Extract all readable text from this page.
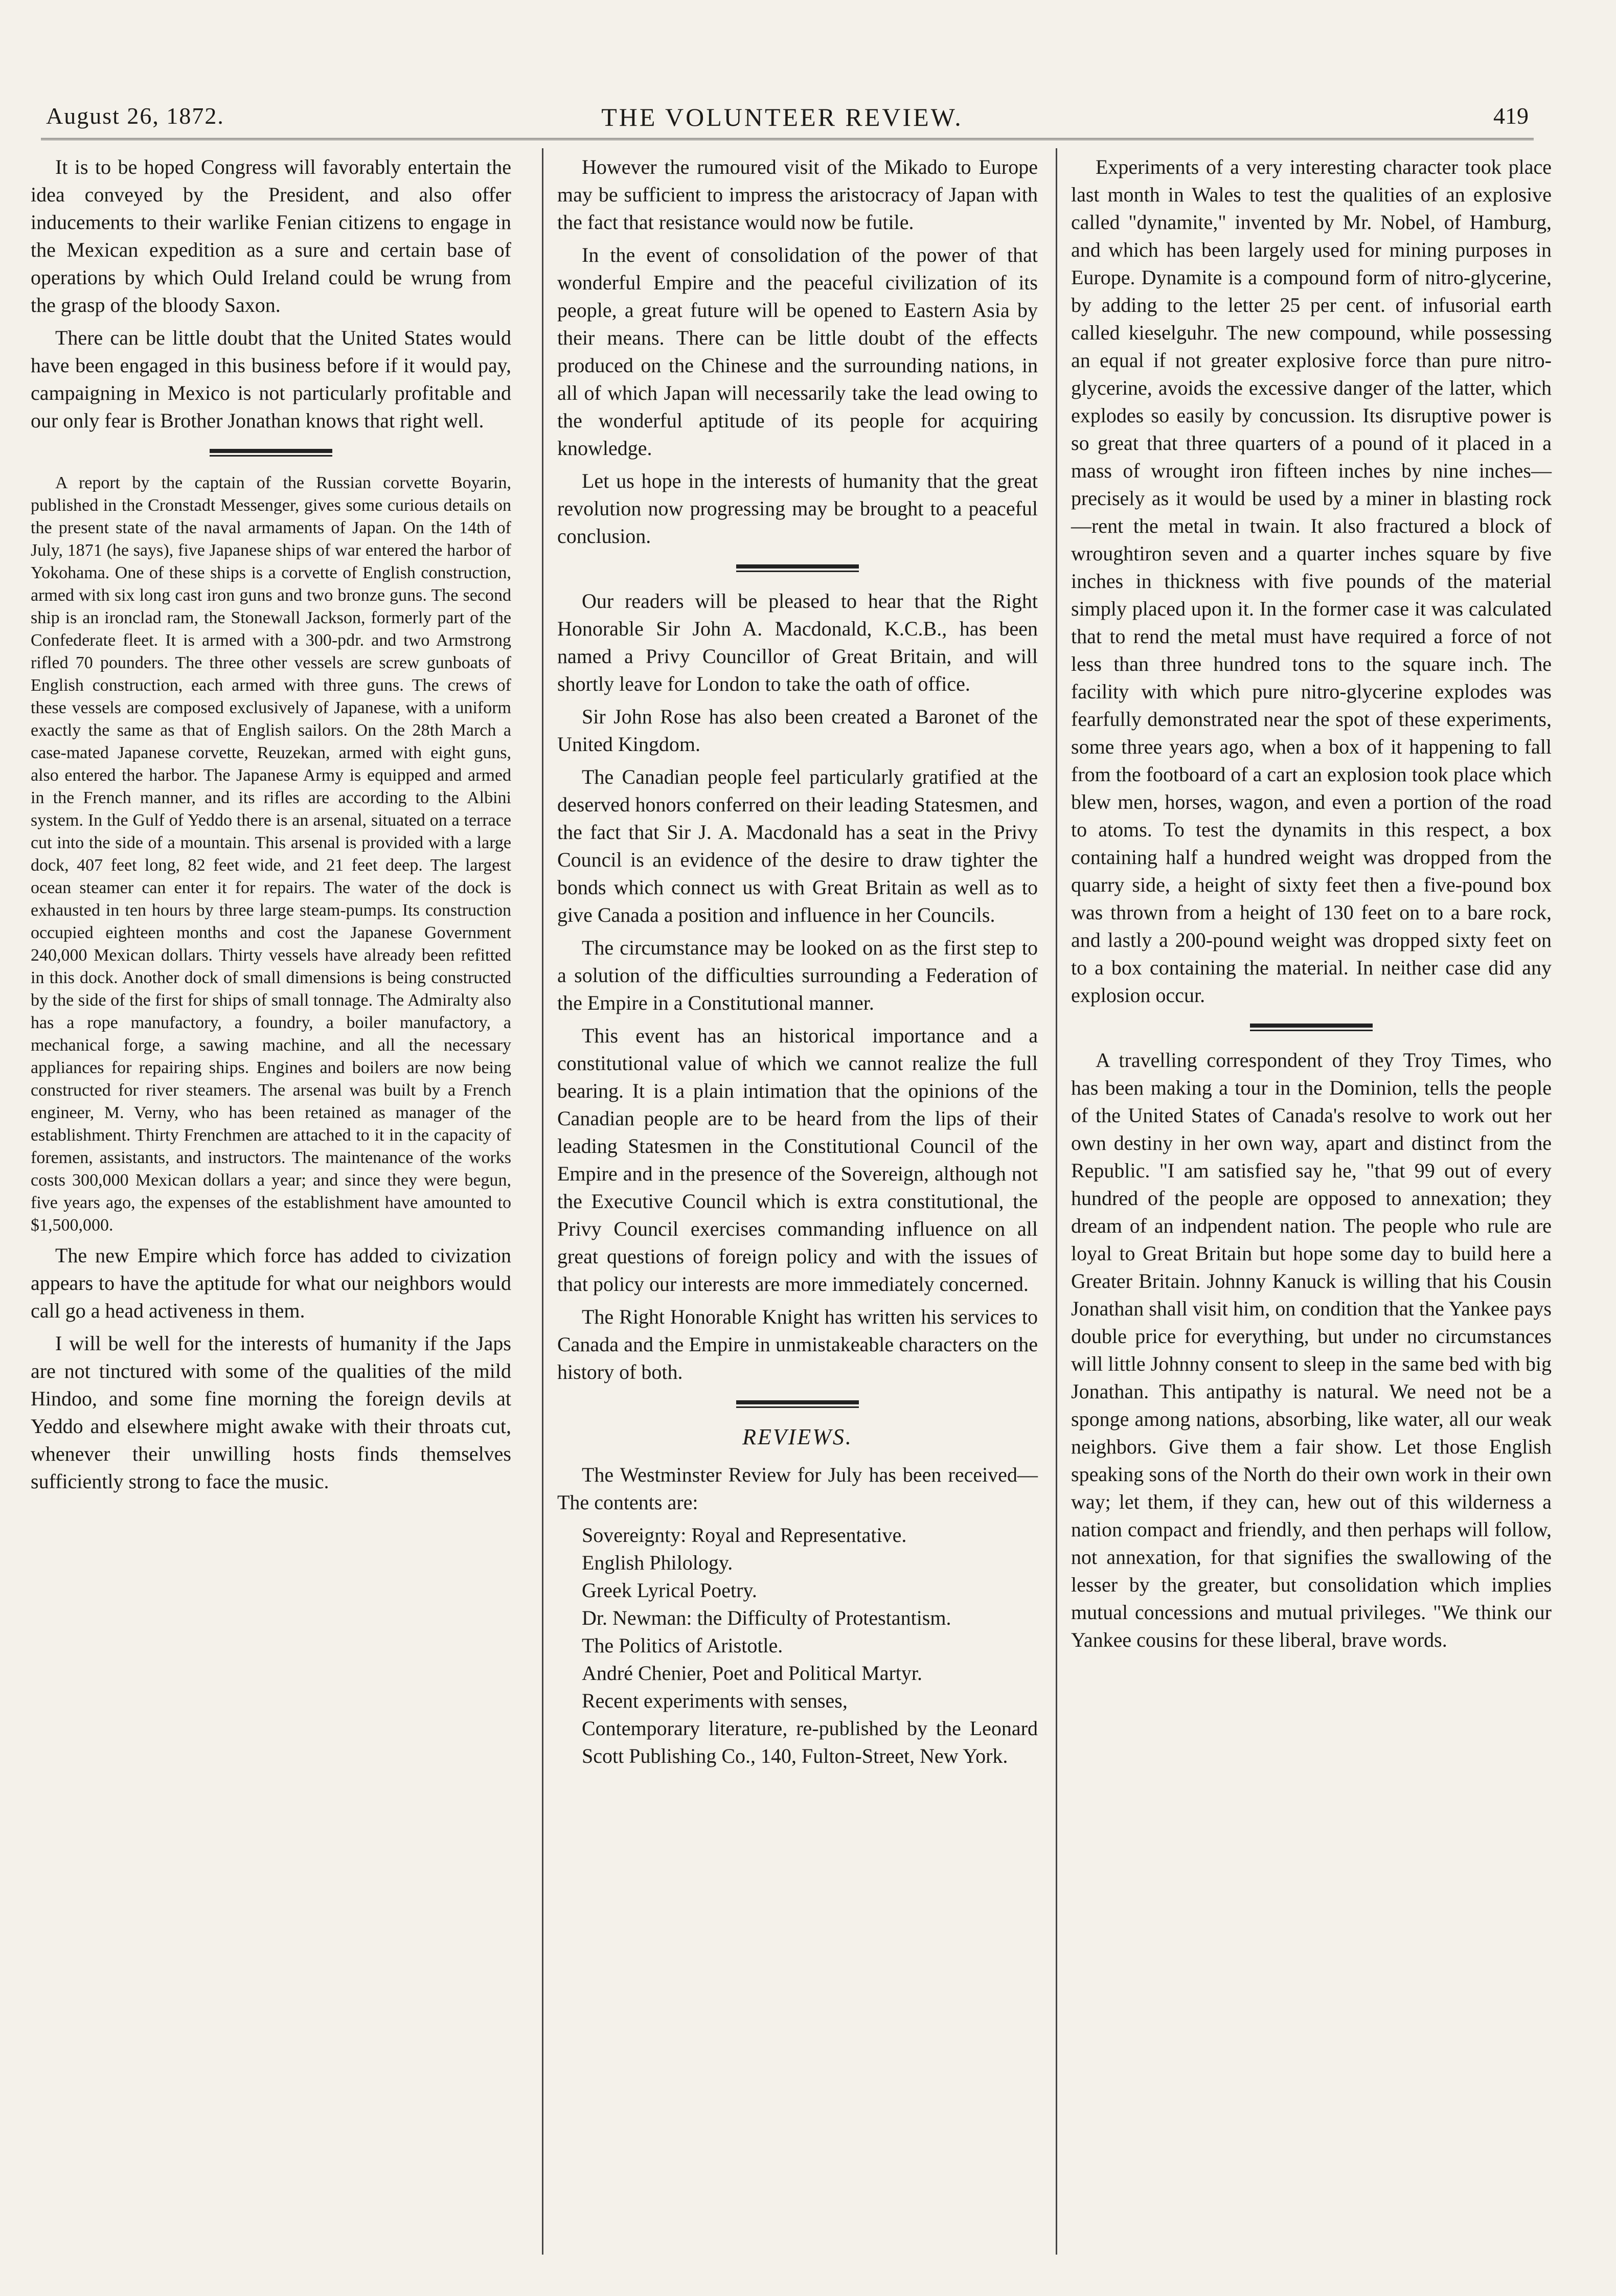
THE VOLUNTEER REVIEW.
August 26, 1872.	419

It is to be hoped Congress will favorably entertain the idea conveyed by the President, and also offer inducements to their warlike Fenian citizens to engage in the Mexican expedition as a sure and certain base of operations by which Ould Ireland could be wrung from the grasp of the bloody Saxon.

There can be little doubt that the United States would have been engaged in this business before if it would pay, campaigning in Mexico is not particularly profitable and our only fear is Brother Jonathan knows that right well.

A report by the captain of the Russian corvette Boyarin, published in the Cronstadt Messenger, gives some curious details on the present state of the naval armaments of Japan. On the 14th of July, 1871 (he says), five Japanese ships of war entered the harbor of Yokohama. One of these ships is a corvette of English construction, armed with six long cast iron guns and two bronze guns. The second ship is an ironclad ram, the Stonewall Jackson, formerly part of the Confederate fleet. It is armed with a 300-pdr. and two Armstrong rifled 70 pounders. The three other vessels are screw gunboats of English construction, each armed with three guns. The crews of these vessels are composed exclusively of Japanese, with a uniform exactly the same as that of English sailors. On the 28th March a case-mated Japanese corvette, Reuzekan, armed with eight guns, also entered the harbor. The Japanese Army is equipped and armed in the French manner, and its rifles are according to the Albini system. In the Gulf of Yeddo there is an arsenal, situated on a terrace cut into the side of a mountain. This arsenal is provided with a large dock, 407 feet long, 82 feet wide, and 21 feet deep. The largest ocean steamer can enter it for repairs. The water of the dock is exhausted in ten hours by three large steam-pumps. Its construction occupied eighteen months and cost the Japanese Government 240,000 Mexican dollars. Thirty vessels have already been refitted in this dock. Another dock of small dimensions is being constructed by the side of the first for ships of small tonnage. The Admiralty also has a rope manufactory, a foundry, a boiler manufactory, a mechanical forge, a sawing machine, and all the necessary appliances for repairing ships. Engines and boilers are now being constructed for river steamers. The arsenal was built by a French engineer, M. Verny, who has been retained as manager of the establishment. Thirty Frenchmen are attached to it in the capacity of foremen, assistants, and instructors. The maintenance of the works costs 300,000 Mexican dollars a year; and since they were begun, five years ago, the expenses of the establishment have amounted to $1,500,000.

The new Empire which force has added to civization appears to have the aptitude for what our neighbors would call go a head activeness in them.

I will be well for the interests of humanity if the Japs are not tinctured with some of the qualities of the mild Hindoo, and some fine morning the foreign devils at Yeddo and elsewhere might awake with their throats cut, whenever their unwilling hosts finds themselves sufficiently strong to face the music.

However the rumoured visit of the Mikado to Europe may be sufficient to impress the aristocracy of Japan with the fact that resistance would now be futile.

In the event of consolidation of the power of that wonderful Empire and the peaceful civilization of its people, a great future will be opened to Eastern Asia by their means. There can be little doubt of the effects produced on the Chinese and the surrounding nations, in all of which Japan will necessarily take the lead owing to the wonderful aptitude of its people for acquiring knowledge.

Let us hope in the interests of humanity that the great revolution now progressing may be brought to a peaceful conclusion.

Our readers will be pleased to hear that the Right Honorable Sir John A. Macdonald, K.C.B., has been named a Privy Councillor of Great Britain, and will shortly leave for London to take the oath of office.

Sir John Rose has also been created a Baronet of the United Kingdom.

The Canadian people feel particularly gratified at the deserved honors conferred on their leading Statesmen, and the fact that Sir J. A. Macdonald has a seat in the Privy Council is an evidence of the desire to draw tighter the bonds which connect us with Great Britain as well as to give Canada a position and influence in her Councils.

The circumstance may be looked on as the first step to a solution of the difficulties surrounding a Federation of the Empire in a Constitutional manner.

This event has an historical importance and a constitutional value of which we cannot realize the full bearing. It is a plain intimation that the opinions of the Canadian people are to be heard from the lips of their leading Statesmen in the Constitutional Council of the Empire and in the presence of the Sovereign, although not the Executive Council which is extra constitutional, the Privy Council exercises commanding influence on all great questions of foreign policy and with the issues of that policy our interests are more immediately concerned.

The Right Honorable Knight has written his services to Canada and the Empire in unmistakeable characters on the history of both.

REVIEWS.

The Westminster Review for July has been received—The contents are:

Sovereignty: Royal and Representative.
English Philology.
Greek Lyrical Poetry.
Dr. Newman: the Difficulty of Protestantism.
The Politics of Aristotle.
André Chenier, Poet and Political Martyr.
Recent experiments with senses,
Contemporary literature, re-published by the Leonard Scott Publishing Co., 140, Fulton-Street, New York.

Experiments of a very interesting character took place last month in Wales to test the qualities of an explosive called "dynamite," invented by Mr. Nobel, of Hamburg, and which has been largely used for mining purposes in Europe. Dynamite is a compound form of nitro-glycerine, by adding to the letter 25 per cent. of infusorial earth called kieselguhr. The new compound, while possessing an equal if not greater explosive force than pure nitro-glycerine, avoids the excessive danger of the latter, which explodes so easily by concussion. Its disruptive power is so great that three quarters of a pound of it placed in a mass of wrought iron fifteen inches by nine inches—precisely as it would be used by a miner in blasting rock—rent the metal in twain. It also fractured a block of wroughtiron seven and a quarter inches square by five inches in thickness with five pounds of the material simply placed upon it. In the former case it was calculated that to rend the metal must have required a force of not less than three hundred tons to the square inch. The facility with which pure nitro-glycerine explodes was fearfully demonstrated near the spot of these experiments, some three years ago, when a box of it happening to fall from the footboard of a cart an explosion took place which blew men, horses, wagon, and even a portion of the road to atoms. To test the dynamits in this respect, a box containing half a hundred weight was dropped from the quarry side, a height of sixty feet then a five-pound box was thrown from a height of 130 feet on to a bare rock, and lastly a 200-pound weight was dropped sixty feet on to a box containing the material. In neither case did any explosion occur.

A travelling correspondent of they Troy Times, who has been making a tour in the Dominion, tells the people of the United States of Canada's resolve to work out her own destiny in her own way, apart and distinct from the Republic. "I am satisfied say he, "that 99 out of every hundred of the people are opposed to annexation; they dream of an indpendent nation. The people who rule are loyal to Great Britain but hope some day to build here a Greater Britain. Johnny Kanuck is willing that his Cousin Jonathan shall visit him, on condition that the Yankee pays double price for everything, but under no circumstances will little Johnny consent to sleep in the same bed with big Jonathan. This antipathy is natural. We need not be a sponge among nations, absorbing, like water, all our weak neighbors. Give them a fair show. Let those English speaking sons of the North do their own work in their own way; let them, if they can, hew out of this wilderness a nation compact and friendly, and then perhaps will follow, not annexation, for that signifies the swallowing of the lesser by the greater, but consolidation which implies mutual concessions and mutual privileges. "We think our Yankee cousins for these liberal, brave words.
